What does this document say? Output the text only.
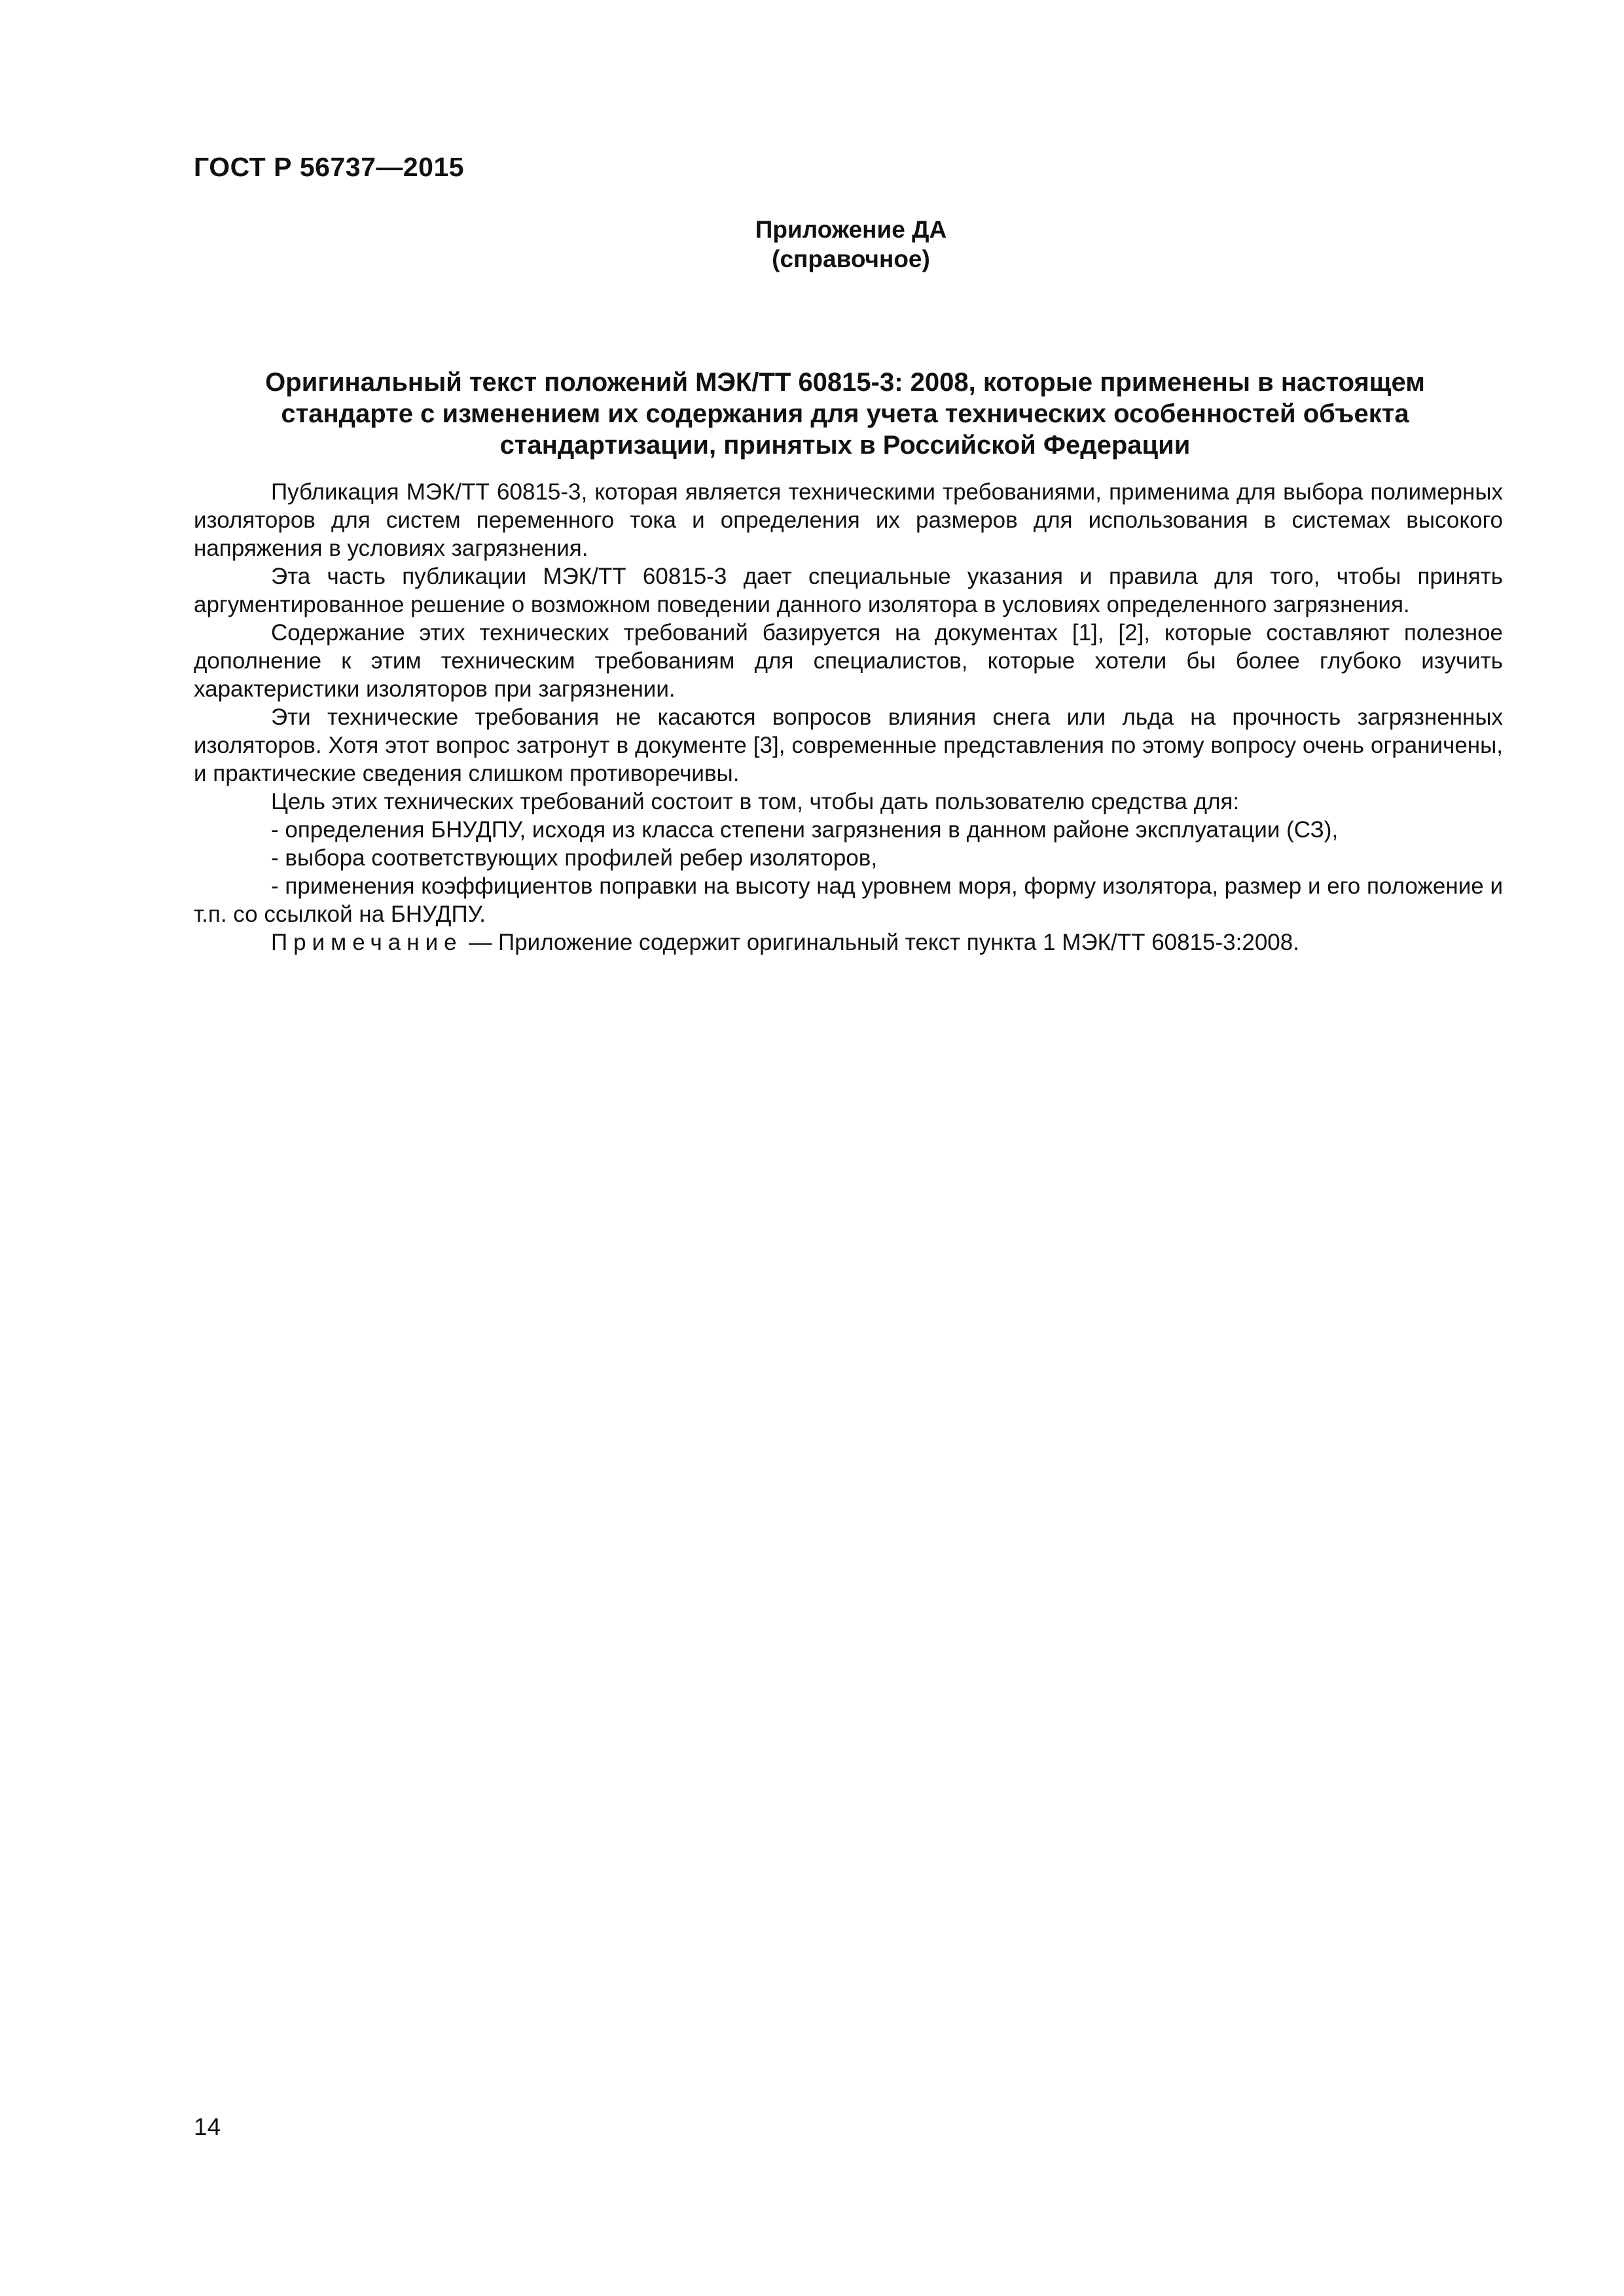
ГОСТ Р 56737—2015
Приложение ДА
(справочное)
Оригинальный текст положений МЭК/ТТ 60815-3: 2008, которые применены в настоящем
стандарте с изменением их содержания для учета технических особенностей объекта
стандартизации, принятых в Российской Федерации

Публикация МЭК/ТТ 60815-3, которая является техническими требованиями, применима для выбора полимерных изоляторов для систем переменного тока и определения их размеров для использования в системах высокого напряжения в условиях загрязнения.

Эта часть публикации МЭК/ТТ 60815-3 дает специальные указания и правила для того, чтобы принять аргументированное решение о возможном поведении данного изолятора в условиях определенного загрязнения.

Содержание этих технических требований базируется на документах [1], [2], которые составляют полезное дополнение к этим техническим требованиям для специалистов, которые хотели бы более глубоко изучить характеристики изоляторов при загрязнении.

Эти технические требования не касаются вопросов влияния снега или льда на прочность загрязненных изоляторов. Хотя этот вопрос затронут в документе [3], современные представления по этому вопросу очень ограничены, и практические сведения слишком противоречивы.

Цель этих технических требований состоит в том, чтобы дать пользователю средства для:

- определения БНУДПУ, исходя из класса степени загрязнения в данном районе эксплуатации (СЗ),

- выбора соответствующих профилей ребер изоляторов,

- применения коэффициентов поправки на высоту над уровнем моря, форму изолятора, размер и его положение и т.п. со ссылкой на БНУДПУ.

Примечание — Приложение содержит оригинальный текст пункта 1 МЭК/ТТ 60815-3:2008.

14
